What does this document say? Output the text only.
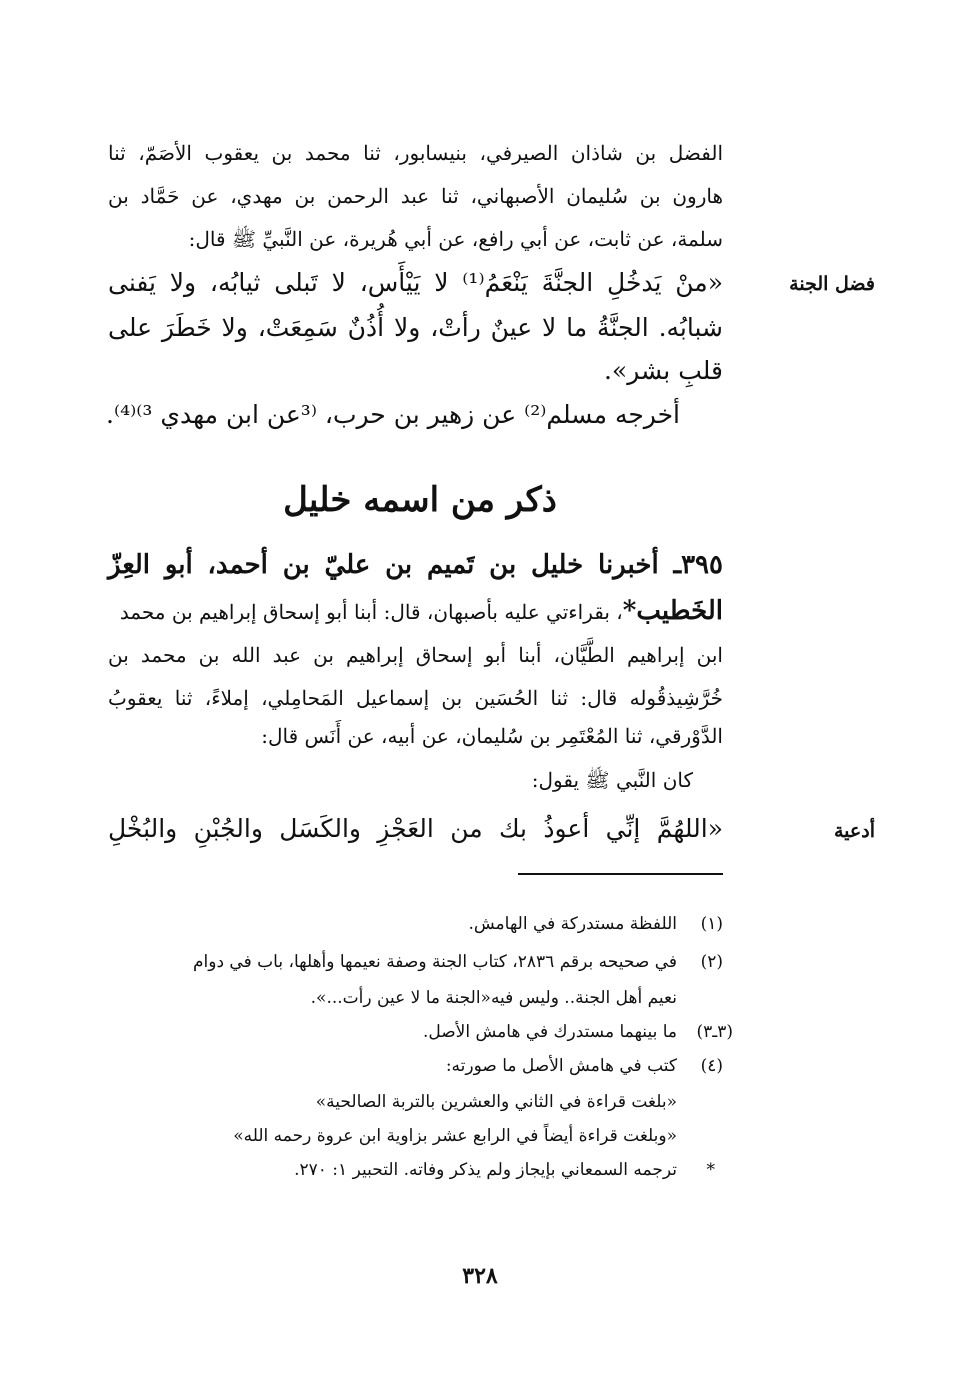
الفضل بن شاذان الصيرفي، بنيسابور، ثنا محمد بن يعقوب الأصَمّ، ثنا
هارون بن سُليمان الأصبهاني، ثنا عبد الرحمن بن مهدي، عن حَمَّاد بن
سلمة، عن ثابت، عن أبي رافع، عن أبي هُريرة، عن النَّبيِّ ﷺ قال:
فضل الجنة
«منْ يَدخُلِ الجنَّةَ يَنْعَمُ⁽¹⁾ لا يَيْأَس، لا تَبلى ثيابُه، ولا يَفنى
شبابُه. الجنَّةُ ما لا عينٌ رأتْ، ولا أُذُنٌ سَمِعَتْ، ولا خَطَرَ على
قلبِ بشر».
أخرجه مسلم⁽²⁾ عن زهير بن حرب، ⁽³عن ابن مهدي ³⁾⁽⁴⁾.
ذكر من اسمه خليل
٣٩٥ـ أخبرنا خليل بن تَميم بن عليّ بن أحمد، أبو العِزّ
الخَطيب*، بقراءتي عليه بأصبهان، قال: أبنا أبو إسحاق إبراهيم بن محمد
ابن إبراهيم الطَّيَّان، أبنا أبو إسحاق إبراهيم بن عبد الله بن محمد بن
خُرَّشِيذقُوله قال: ثنا الحُسَين بن إسماعيل المَحامِلي، إملاءً، ثنا يعقوبُ
الدَّوْرقي، ثنا المُعْتَمِر بن سُليمان، عن أبيه، عن أَنَس قال:
كان النَّبي ﷺ يقول:
أدعية
«اللهُمَّ إنِّي أعوذُ بك من العَجْزِ والكَسَل والجُبْنِ والبُخْلِ
(١)اللفظة مستدركة في الهامش.
(٢)في صحيحه برقم ٢٨٣٦، كتاب الجنة وصفة نعيمها وأهلها، باب في دوام
نعيم أهل الجنة.. وليس فيه«الجنة ما لا عين رأت...».
(٣ـ٣)ما بينهما مستدرك في هامش الأصل.
(٤)كتب في هامش الأصل ما صورته:
«بلغت قراءة في الثاني والعشرين بالتربة الصالحية»
«وبلغت قراءة أيضاً في الرابع عشر بزاوية ابن عروة رحمه الله»
*ترجمه السمعاني بإيجاز ولم يذكر وفاته. التحبير ١: ٢٧٠.
٣٢٨
